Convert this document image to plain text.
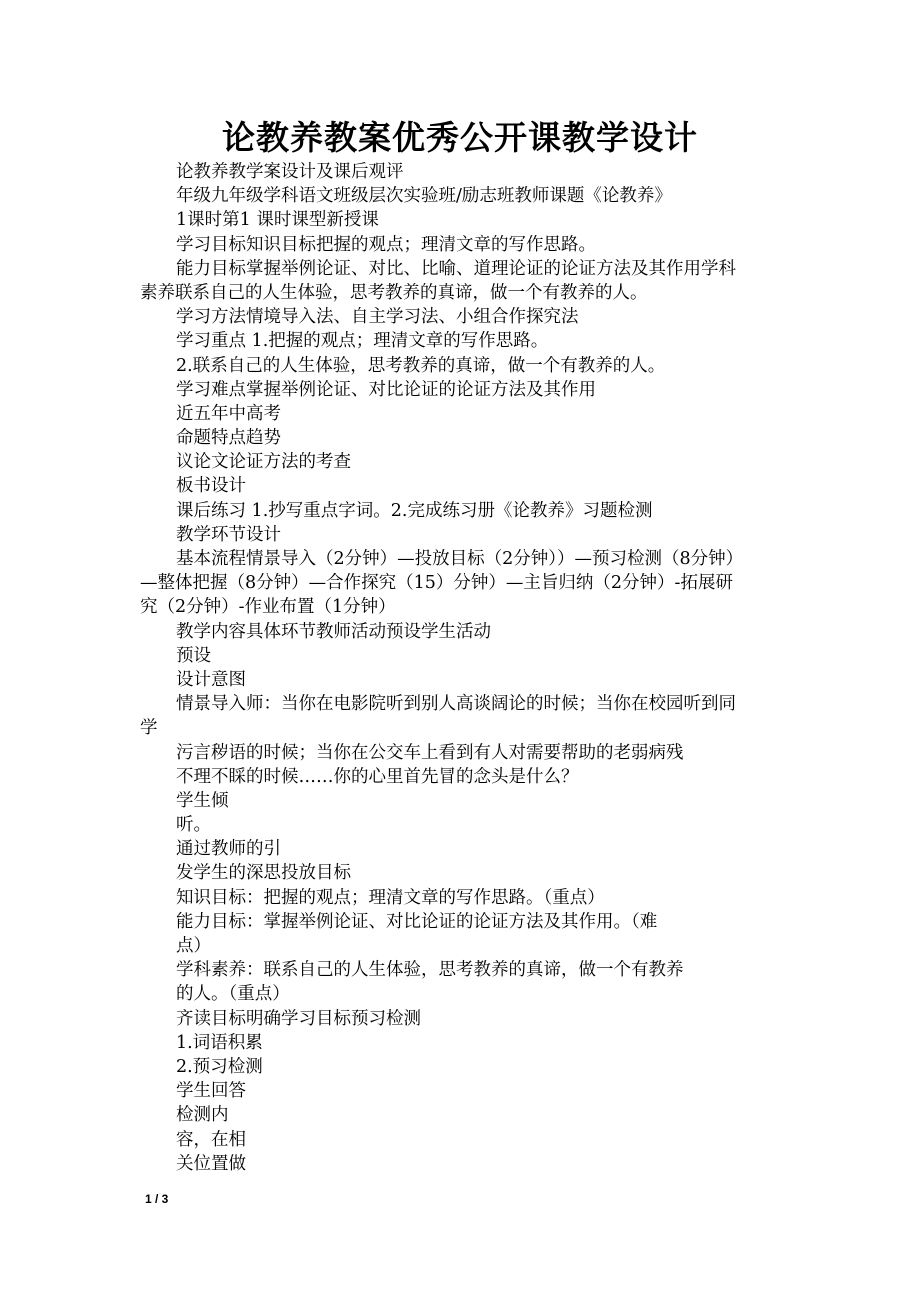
论教养教案优秀公开课教学设计
论教养教学案设计及课后观评
年级九年级学科语文班级层次实验班/励志班教师课题《论教养》
1课时第1 课时课型新授课
学习目标知识目标把握的观点；理清文章的写作思路。
能力目标掌握举例论证、对比、比喻、道理论证的论证方法及其作用学科
素养联系自己的人生体验，思考教养的真谛，做一个有教养的人。
学习方法情境导入法、自主学习法、小组合作探究法
学习重点 1.把握的观点；理清文章的写作思路。
2.联系自己的人生体验，思考教养的真谛，做一个有教养的人。
学习难点掌握举例论证、对比论证的论证方法及其作用
近五年中高考
命题特点趋势
议论文论证方法的考查
板书设计
课后练习 1.抄写重点字词。2.完成练习册《论教养》习题检测
教学环节设计
基本流程情景导入（2分钟）—投放目标（2分钟））—预习检测（8分钟）
—整体把握（8分钟）—合作探究（15）分钟）—主旨归纳（2分钟）-拓展研
究（2分钟）-作业布置（1分钟）
教学内容具体环节教师活动预设学生活动
预设
设计意图
情景导入师：当你在电影院听到别人高谈阔论的时候；当你在校园听到同
学
污言秽语的时候；当你在公交车上看到有人对需要帮助的老弱病残
不理不睬的时候……你的心里首先冒的念头是什么？
学生倾
听。
通过教师的引
发学生的深思投放目标
知识目标：把握的观点；理清文章的写作思路。（重点）
能力目标：掌握举例论证、对比论证的论证方法及其作用。（难
点）
学科素养：联系自己的人生体验，思考教养的真谛，做一个有教养
的人。（重点）
齐读目标明确学习目标预习检测
1.词语积累
2.预习检测
学生回答
检测内
容，在相
关位置做
1 / 3
